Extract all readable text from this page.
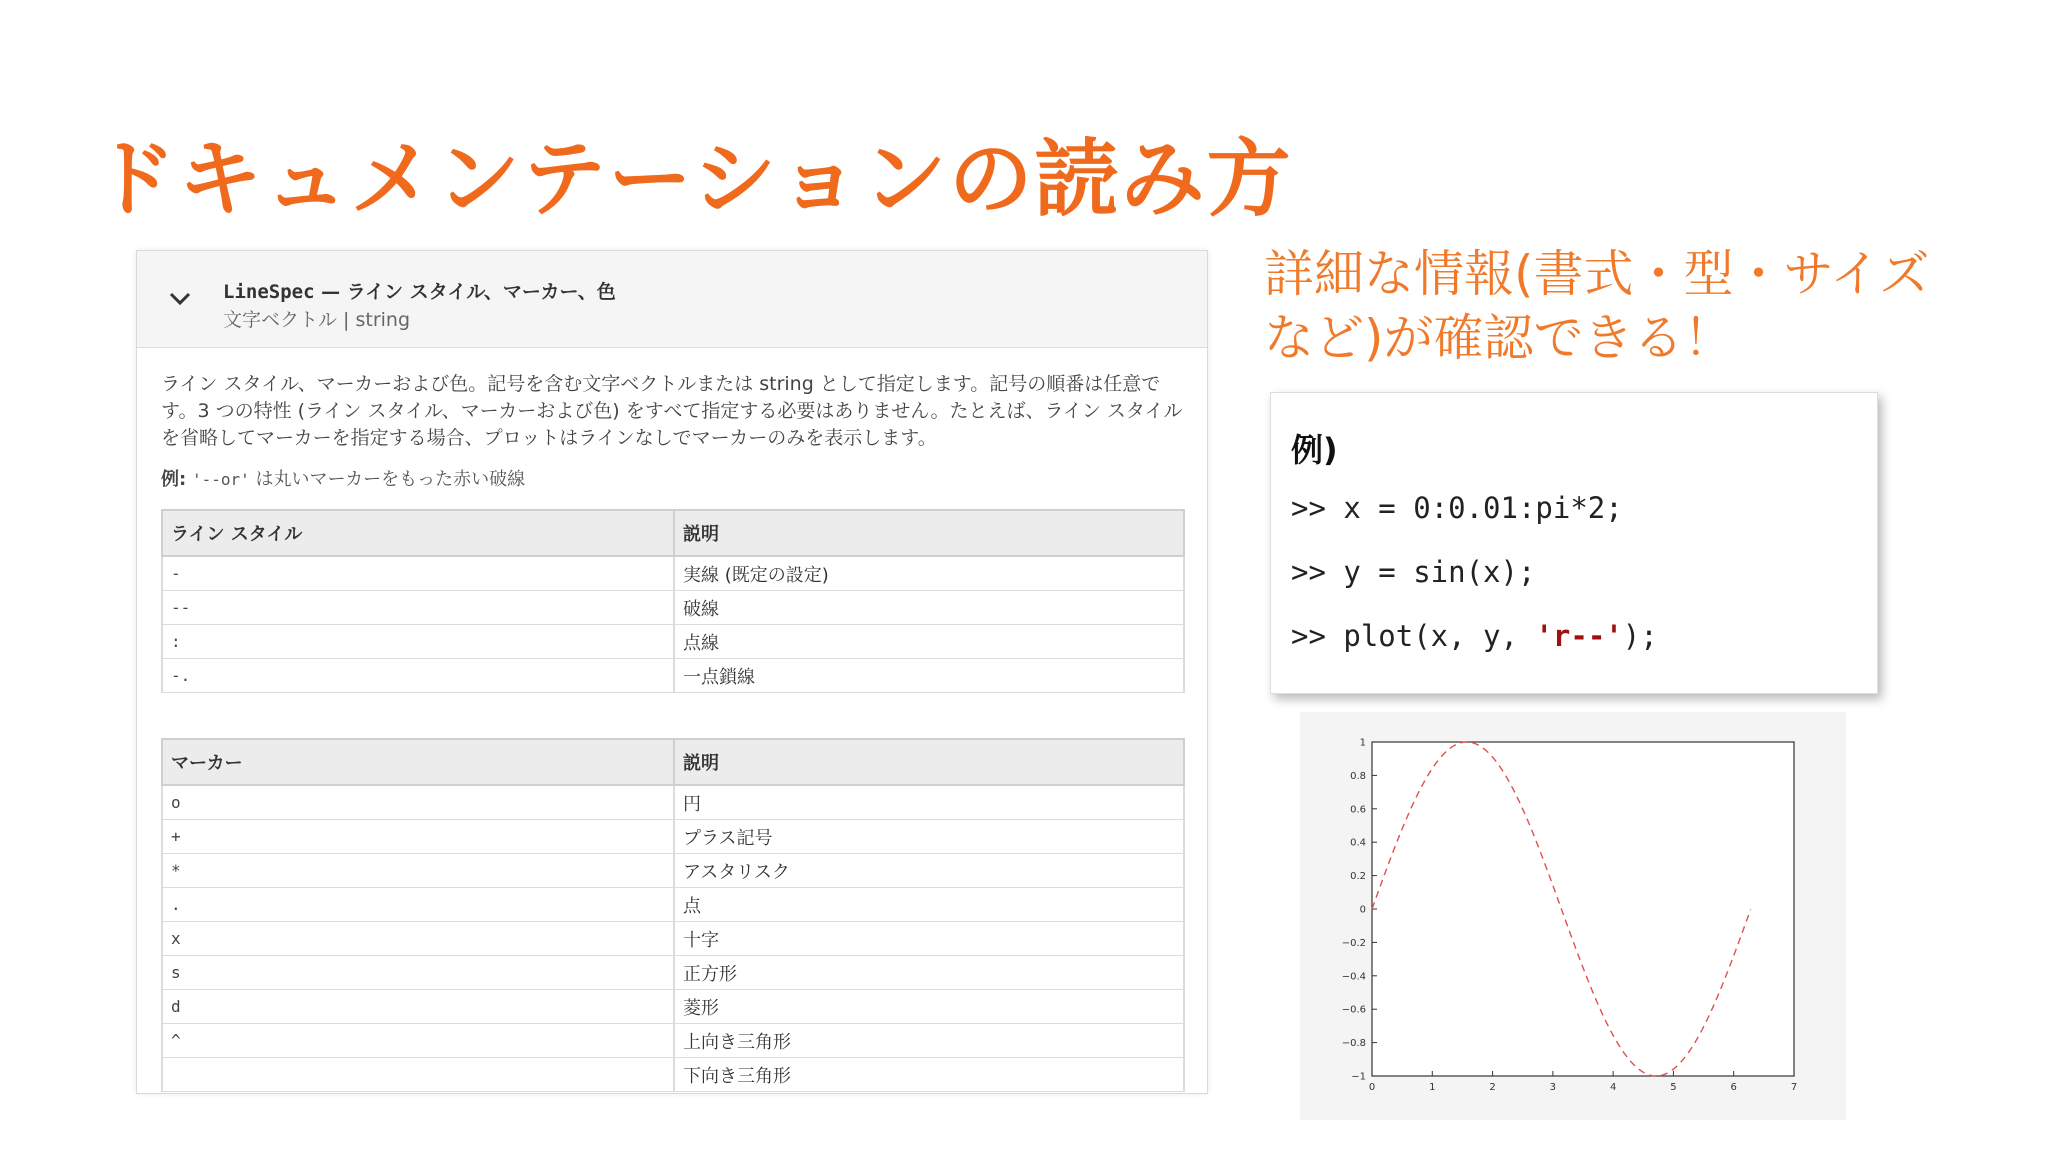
ドキュメンテーションの読み方
LineSpec — ライン スタイル、マーカー、色
文字ベクトル | string
ライン スタイル、マーカーおよび色。記号を含む文字ベクトルまたは string として指定します。記号の順番は任意です。3 つの特性 (ライン スタイル、マーカーおよび色) をすべて指定する必要はありません。たとえば、ライン スタイルを省略してマーカーを指定する場合、プロットはラインなしでマーカーのみを表示します。
例: '--or' は丸いマーカーをもった赤い破線
ライン スタイル	説明
-	実線 (既定の設定)
--	破線
:	点線
-.	一点鎖線
マーカー	説明
o	円
+	プラス記号
*	アスタリスク
.	点
x	十字
s	正方形
d	菱形
^	上向き三角形
	下向き三角形
詳細な情報(書式・型・サイズ
など)が確認できる！
例)
>> x = 0:0.01:pi*2;
>> y = sin(x);
>> plot(x, y, 'r--');
0	1	2	3	4	5	6	7
1
0.8
0.6
0.4
0.2
0
−0.2
−0.4
−0.6
−0.8
−1
